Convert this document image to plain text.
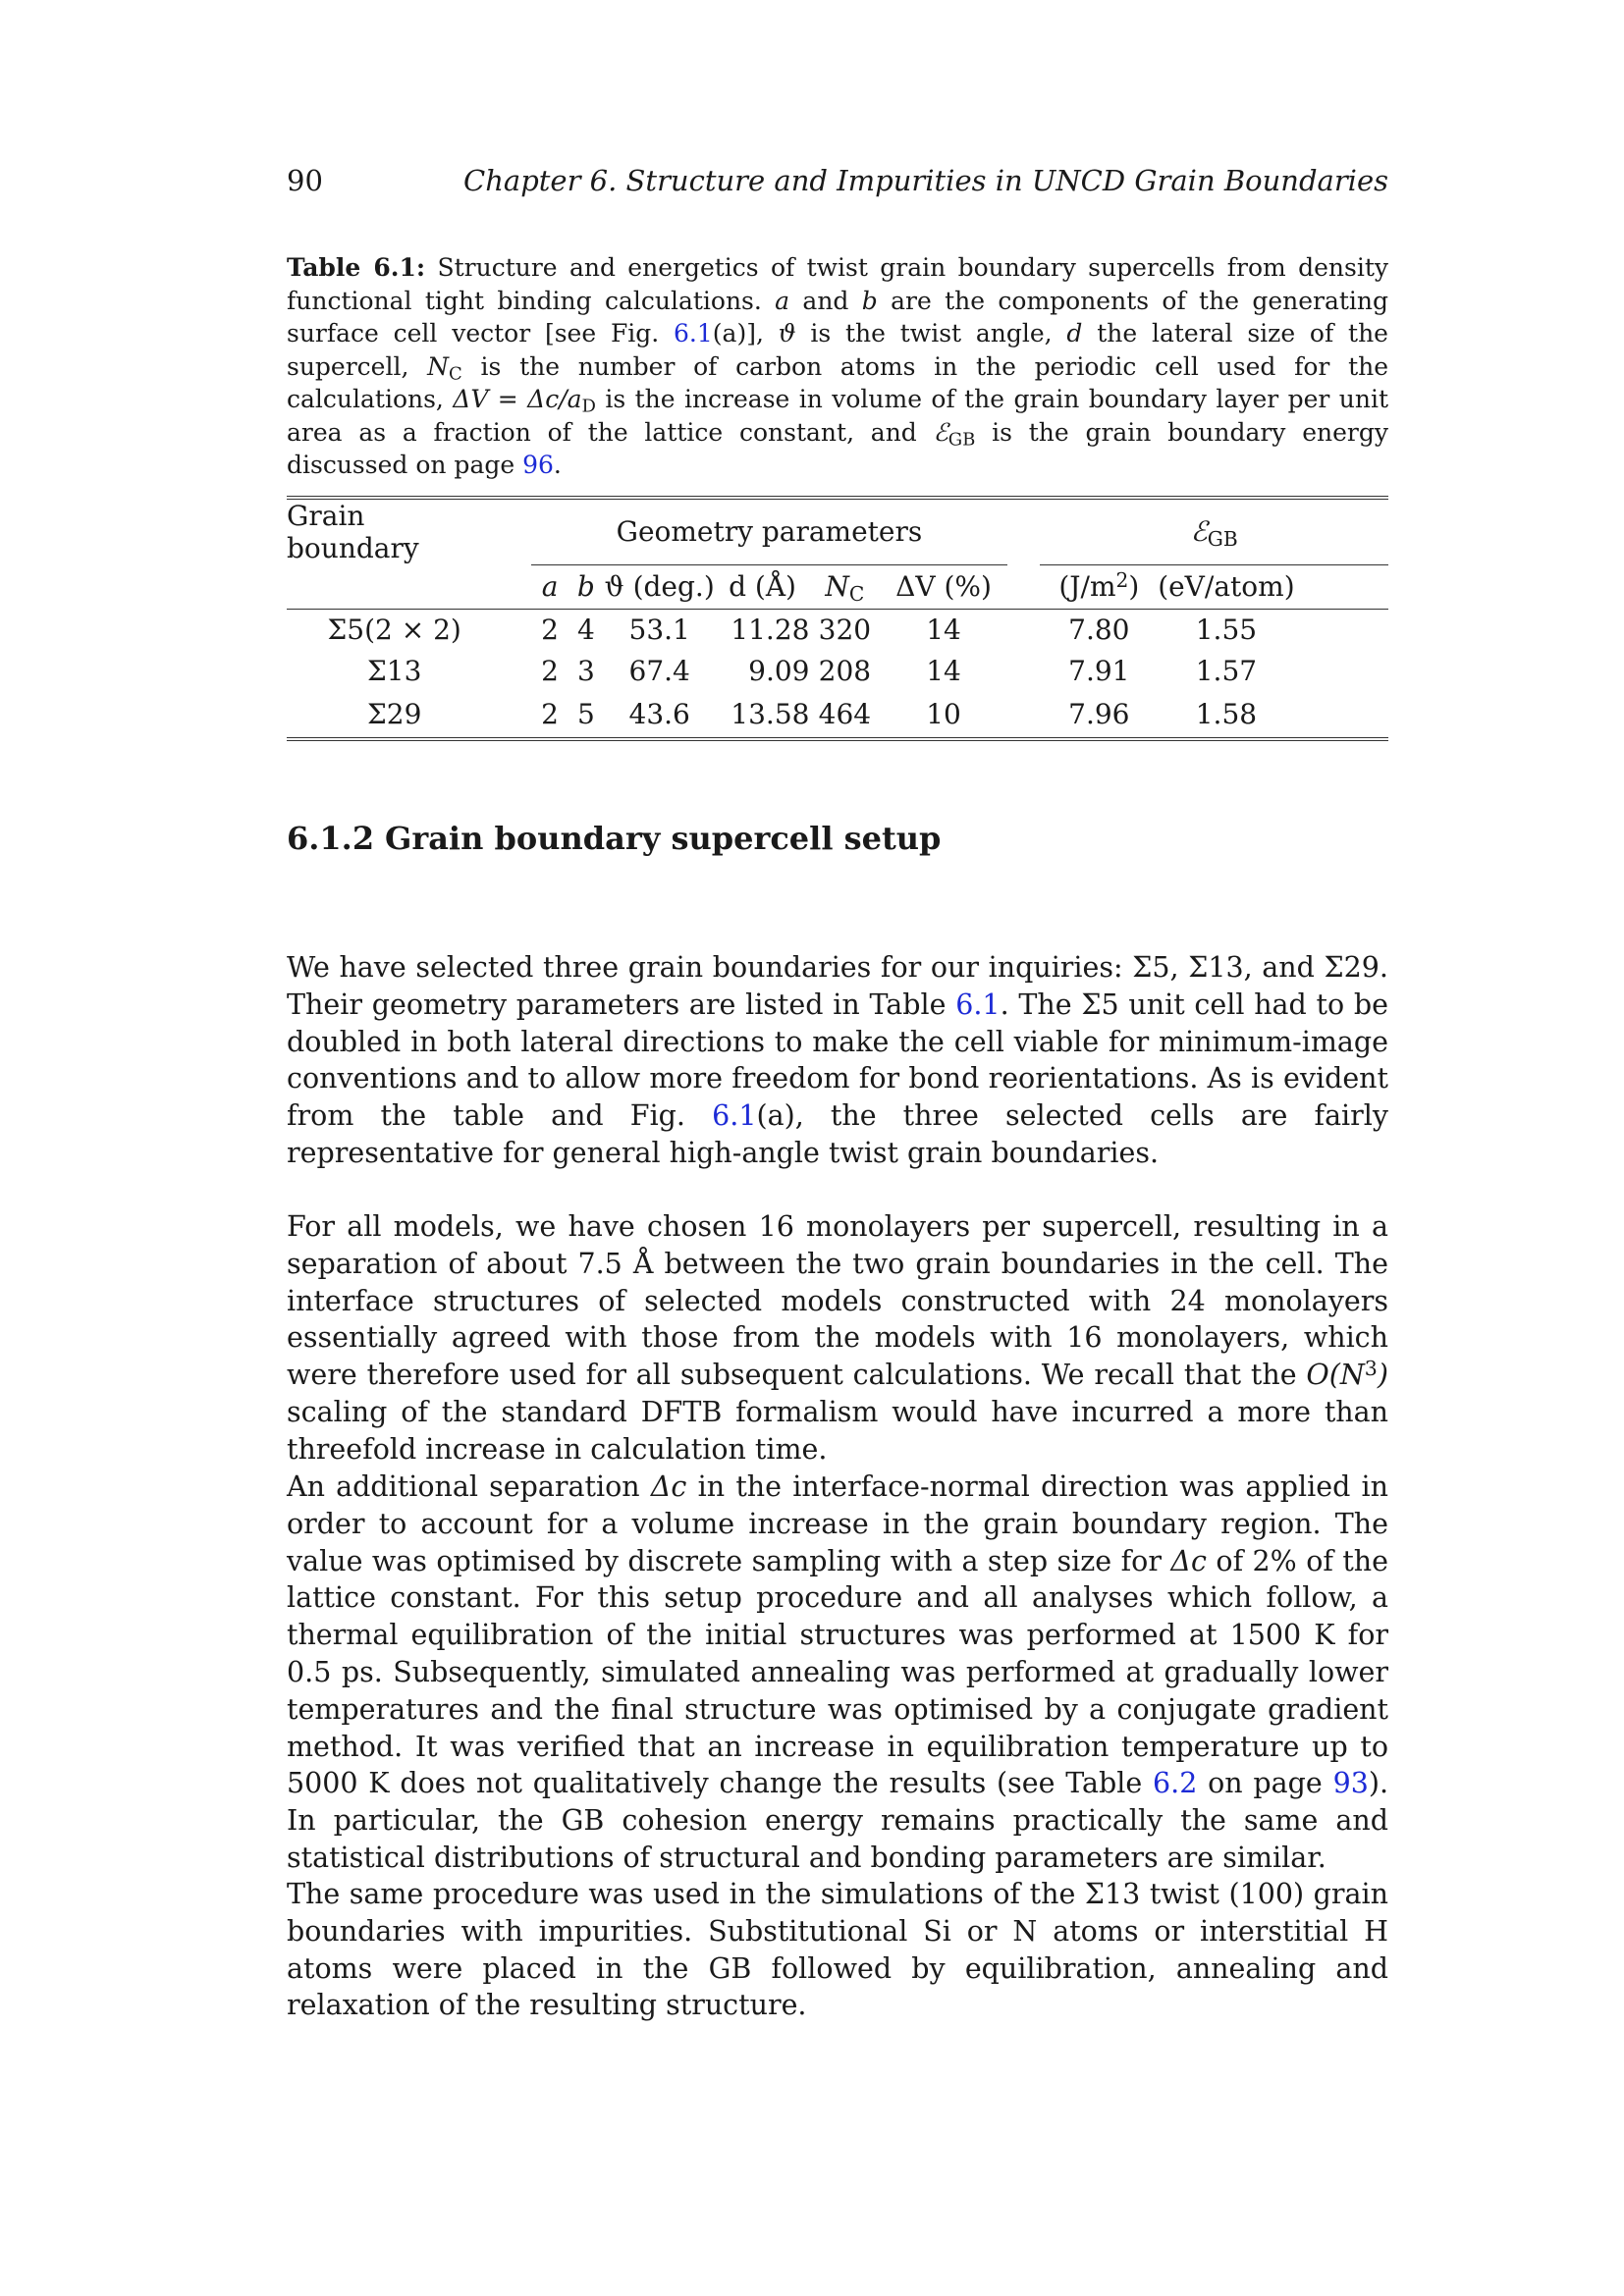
90	Chapter 6. Structure and Impurities in UNCD Grain Boundaries
Table 6.1: Structure and energetics of twist grain boundary supercells from density functional tight binding calculations. a and b are the components of the generating surface cell vector [see Fig. 6.1(a)], ϑ is the twist angle, d the lateral size of the supercell, $N_C$ is the number of carbon atoms in the periodic cell used for the calculations, $\Delta V = \Delta c/a_D$ is the increase in volume of the grain boundary layer per unit area as a fraction of the lattice constant, and ℰ$_{GB}$ is the grain boundary energy discussed on page 96.
Grain boundary		Geometry parameters							ℰ$_{GB}$
		a	b	ϑ (deg.)	d (Å)	$N_C$	ΔV (%)		$(J/m^2)$	(eV/atom)	
Σ5(2 × 2)		2	4	53.1	11.28	320	14		7.80	1.55	
Σ13		2	3	67.4	9.09	208	14		7.91	1.57	
Σ29		2	5	43.6	13.58	464	10		7.96	1.58	
6.1.2 Grain boundary supercell setup

We have selected three grain boundaries for our inquiries: Σ5, Σ13, and Σ29. Their geometry parameters are listed in Table 6.1. The Σ5 unit cell had to be doubled in both lateral directions to make the cell viable for minimum-image conventions and to allow more freedom for bond reorientations. As is evident from the table and Fig. 6.1(a), the three selected cells are fairly representative for general high-angle twist grain boundaries.

For all models, we have chosen 16 monolayers per supercell, resulting in a separation of about 7.5 Å between the two grain boundaries in the cell. The interface structures of selected models constructed with 24 monolayers essentially agreed with those from the models with 16 monolayers, which were therefore used for all subsequent calculations. We recall that the $O(N^3)$ scaling of the standard DFTB formalism would have incurred a more than threefold increase in calculation time.

An additional separation Δc in the interface-normal direction was applied in order to account for a volume increase in the grain boundary region. The value was optimised by discrete sampling with a step size for Δc of 2% of the lattice constant. For this setup procedure and all analyses which follow, a thermal equilibration of the initial structures was performed at 1500 K for 0.5 ps. Subsequently, simulated annealing was performed at gradually lower temperatures and the final structure was optimised by a conjugate gradient method. It was verified that an increase in equilibration temperature up to 5000 K does not qualitatively change the results (see Table 6.2 on page 93). In particular, the GB cohesion energy remains practically the same and statistical distributions of structural and bonding parameters are similar.

The same procedure was used in the simulations of the Σ13 twist (100) grain boundaries with impurities. Substitutional Si or N atoms or interstitial H atoms were placed in the GB followed by equilibration, annealing and relaxation of the resulting structure.
